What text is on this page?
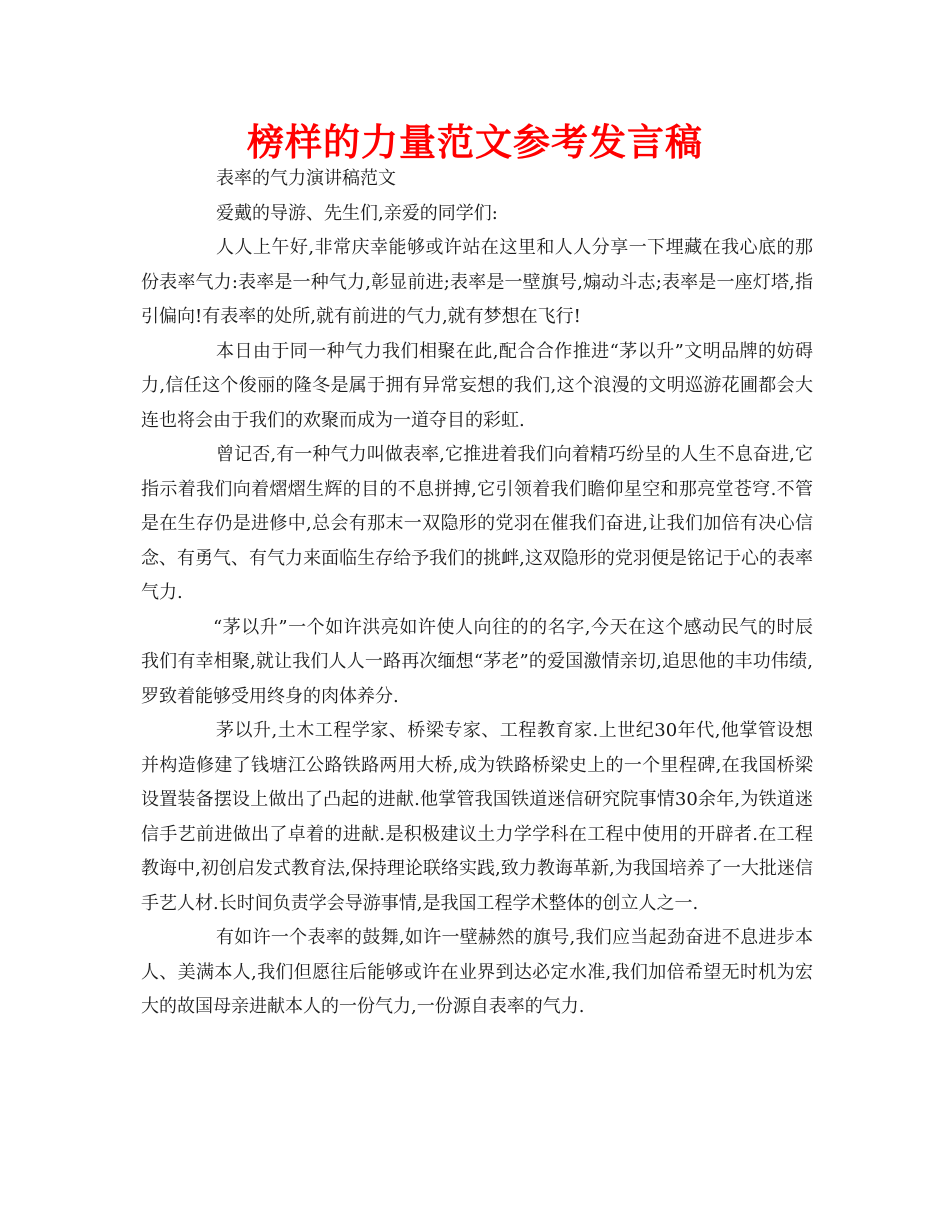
榜样的力量范文参考发言稿

表率的气力演讲稿范文

爱戴的导游、先生们,亲爱的同学们:

人人上午好,非常庆幸能够或许站在这里和人人分享一下埋藏在我心底的那份表率气力:表率是一种气力,彰显前进;表率是一壁旗号,煽动斗志;表率是一座灯塔,指引偏向!有表率的处所,就有前进的气力,就有梦想在飞行!

本日由于同一种气力我们相聚在此,配合合作推进“茅以升”文明品牌的妨碍力,信任这个俊丽的隆冬是属于拥有异常妄想的我们,这个浪漫的文明巡游花圃都会大连也将会由于我们的欢聚而成为一道夺目的彩虹.

曾记否,有一种气力叫做表率,它推进着我们向着精巧纷呈的人生不息奋进,它指示着我们向着熠熠生辉的目的不息拼搏,它引领着我们瞻仰星空和那亮堂苍穹.不管是在生存仍是进修中,总会有那末一双隐形的党羽在催我们奋进,让我们加倍有决心信念、有勇气、有气力来面临生存给予我们的挑衅,这双隐形的党羽便是铭记于心的表率气力.

“茅以升”一个如许洪亮如许使人向往的的名字,今天在这个感动民气的时辰我们有幸相聚,就让我们人人一路再次缅想“茅老”的爱国激情亲切,追思他的丰功伟绩,罗致着能够受用终身的肉体养分.

茅以升,土木工程学家、桥梁专家、工程教育家.上世纪30年代,他掌管设想并构造修建了钱塘江公路铁路两用大桥,成为铁路桥梁史上的一个里程碑,在我国桥梁设置装备摆设上做出了凸起的进献.他掌管我国铁道迷信研究院事情30余年,为铁道迷信手艺前进做出了卓着的进献.是积极建议土力学学科在工程中使用的开辟者.在工程教诲中,初创启发式教育法,保持理论联络实践,致力教诲革新,为我国培养了一大批迷信手艺人材.长时间负责学会导游事情,是我国工程学术整体的创立人之一.

有如许一个表率的鼓舞,如许一壁赫然的旗号,我们应当起劲奋进不息进步本人、美满本人,我们但愿往后能够或许在业界到达必定水准,我们加倍希望无时机为宏大的故国母亲进献本人的一份气力,一份源自表率的气力.
